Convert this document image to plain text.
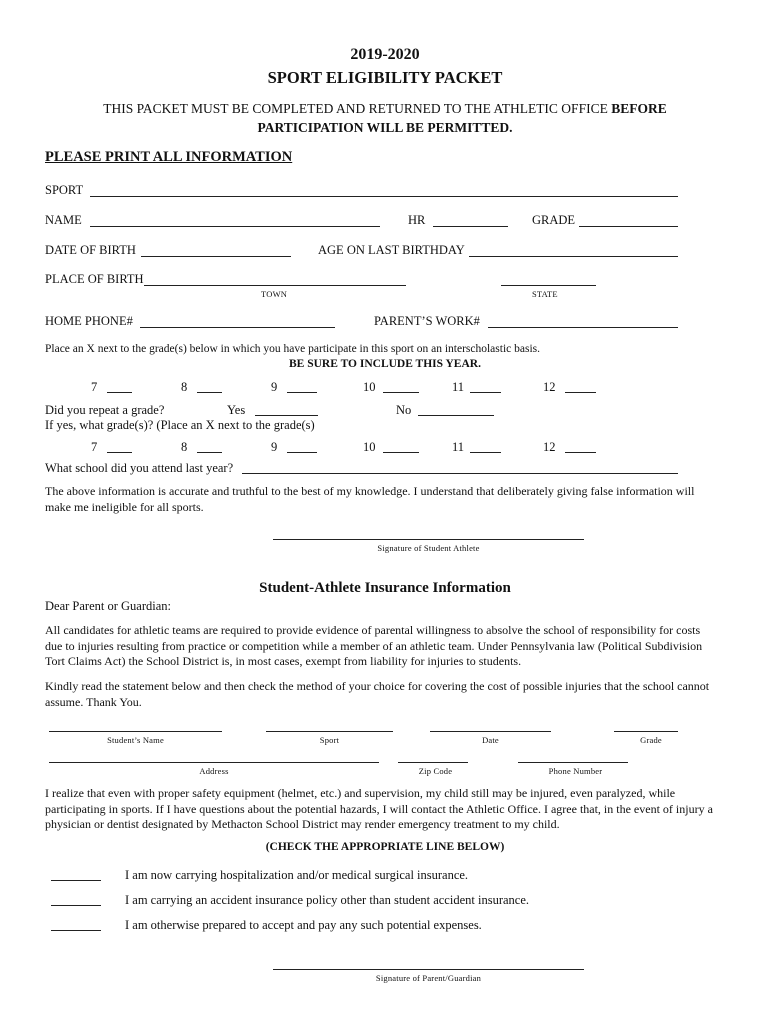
2019-2020
SPORT ELIGIBILITY PACKET
THIS PACKET MUST BE COMPLETED AND RETURNED TO THE ATHLETIC OFFICE BEFORE
PARTICIPATION WILL BE PERMITTED.
PLEASE PRINT ALL INFORMATION
SPORT
NAME	HR	GRADE
DATE OF BIRTH	AGE ON LAST BIRTHDAY
PLACE OF BIRTH
TOWN	STATE
HOME PHONE#	PARENT’S WORK#
Place an X next to the grade(s) below in which you have participate in this sport on an interscholastic basis.
BE SURE TO INCLUDE THIS YEAR.
7	8	9	10	11	12
Did you repeat a grade?	Yes	No
If yes, what grade(s)? (Place an X next to the grade(s)
7	8	9	10	11	12
What school did you attend last year?
The above information is accurate and truthful to the best of my knowledge. I understand that deliberately giving false information will make me ineligible for all sports.
Signature of Student Athlete
Student-Athlete Insurance Information
Dear Parent or Guardian:
All candidates for athletic teams are required to provide evidence of parental willingness to absolve the school of responsibility for costs due to injuries resulting from practice or competition while a member of an athletic team. Under Pennsylvania law (Political Subdivision Tort Claims Act) the School District is, in most cases, exempt from liability for injuries to students.
Kindly read the statement below and then check the method of your choice for covering the cost of possible injuries that the school cannot assume. Thank You.
Student’s Name	Sport	Date	Grade
Address	Zip Code	Phone Number
I realize that even with proper safety equipment (helmet, etc.) and supervision, my child still may be injured, even paralyzed, while participating in sports. If I have questions about the potential hazards, I will contact the Athletic Office. I agree that, in the event of injury a physician or dentist designated by Methacton School District may render emergency treatment to my child.
(CHECK THE APPROPRIATE LINE BELOW)
I am now carrying hospitalization and/or medical surgical insurance.
I am carrying an accident insurance policy other than student accident insurance.
I am otherwise prepared to accept and pay any such potential expenses.
Signature of Parent/Guardian
